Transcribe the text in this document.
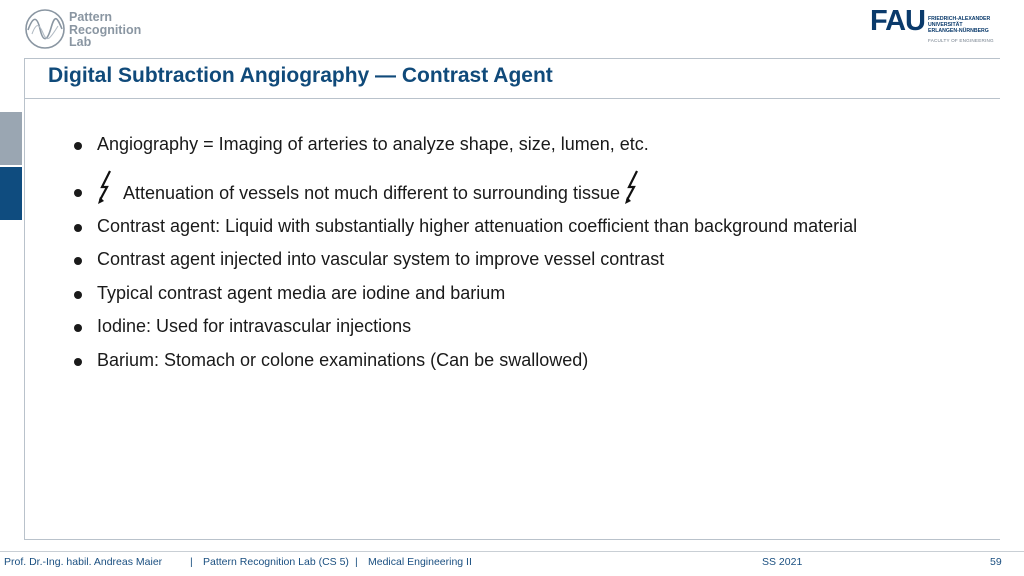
Pattern
Recognition
Lab
FAU FRIEDRICH-ALEXANDER
UNIVERSITÄT
ERLANGEN-NÜRNBERG
FACULTY OF ENGINEERING
Digital Subtraction Angiography — Contrast Agent
Angiography = Imaging of arteries to analyze shape, size, lumen, etc.
Attenuation of vessels not much different to surrounding tissue
Contrast agent: Liquid with substantially higher attenuation coefficient than background material
Contrast agent injected into vascular system to improve vessel contrast
Typical contrast agent media are iodine and barium
Iodine: Used for intravascular injections
Barium: Stomach or colone examinations (Can be swallowed)
Prof. Dr.-Ing. habil. Andreas Maier	| Pattern Recognition Lab (CS 5) | Medical Engineering II	SS 2021	59
